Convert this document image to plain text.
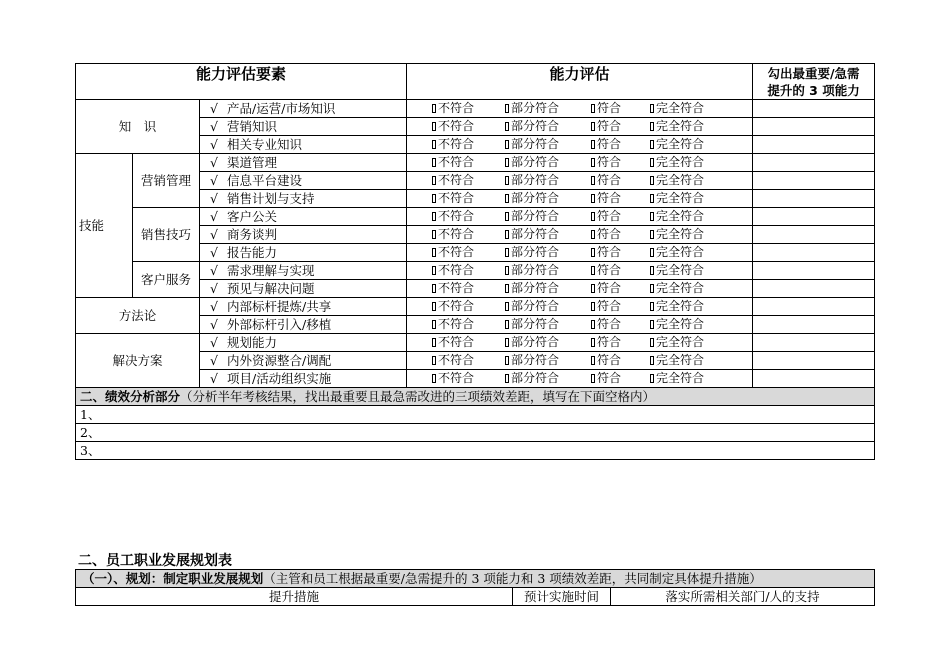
能力评估要素			能力评估	勾出最重要/急需
提升的 3 项能力

知　识		√ 产品/运营/市场知识	不符合 部分符合 符合 完全符合	
		√ 营销知识	不符合 部分符合 符合 完全符合	
		√ 相关专业知识	不符合 部分符合 符合 完全符合	
技能	营销管理	√ 渠道管理	不符合 部分符合 符合 完全符合	
		√ 信息平台建设	不符合 部分符合 符合 完全符合	
		√ 销售计划与支持	不符合 部分符合 符合 完全符合	
	销售技巧	√ 客户公关	不符合 部分符合 符合 完全符合	
		√ 商务谈判	不符合 部分符合 符合 完全符合	
		√ 报告能力	不符合 部分符合 符合 完全符合	
	客户服务	√ 需求理解与实现	不符合 部分符合 符合 完全符合	
		√ 预见与解决问题	不符合 部分符合 符合 完全符合	
方法论		√ 内部标杆提炼/共享	不符合 部分符合 符合 完全符合	
		√ 外部标杆引入/移植	不符合 部分符合 符合 完全符合	
解决方案		√ 规划能力	不符合 部分符合 符合 完全符合	
		√ 内外资源整合/调配	不符合 部分符合 符合 完全符合	
		√ 项目/活动组织实施	不符合 部分符合 符合 完全符合	
二、绩效分析部分（分析半年考核结果，找出最重要且最急需改进的三项绩效差距，填写在下面空格内）				
1、				
2、				
3、				
二、员工职业发展规划表
（一）、规划：制定职业发展规划（主管和员工根据最重要/急需提升的 3 项能力和 3 项绩效差距，共同制定具体提升措施）
提升措施	预计实施时间	落实所需相关部门/人的支持
